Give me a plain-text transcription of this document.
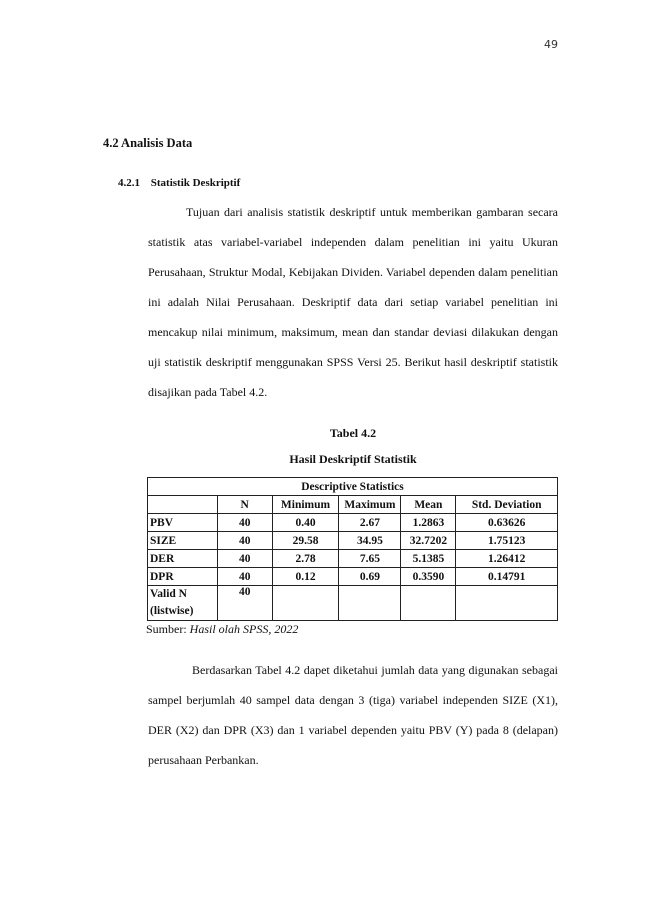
49
4.2 Analisis Data
4.2.1 Statistik Deskriptif

Tujuan dari analisis statistik deskriptif untuk memberikan gambaran secara statistik atas variabel-variabel independen dalam penelitian ini yaitu Ukuran Perusahaan, Struktur Modal, Kebijakan Dividen. Variabel dependen dalam penelitian ini adalah Nilai Perusahaan. Deskriptif data dari setiap variabel penelitian ini mencakup nilai minimum, maksimum, mean dan standar deviasi dilakukan dengan uji statistik deskriptif menggunakan SPSS Versi 25. Berikut hasil deskriptif statistik disajikan pada Tabel 4.2.

Tabel 4.2
Hasil Deskriptif Statistik
Descriptive Statistics					
	N	Minimum	Maximum	Mean	Std. Deviation
PBV	40	0.40	2.67	1.2863	0.63626
SIZE	40	29.58	34.95	32.7202	1.75123
DER	40	2.78	7.65	5.1385	1.26412
DPR	40	0.12	0.69	0.3590	0.14791
Valid N
(listwise)	40				
Sumber: Hasil olah SPSS, 2022

Berdasarkan Tabel 4.2 dapet diketahui jumlah data yang digunakan sebagai sampel berjumlah 40 sampel data dengan 3 (tiga) variabel independen SIZE (X1), DER (X2) dan DPR (X3) dan 1 variabel dependen yaitu PBV (Y) pada 8 (delapan) perusahaan Perbankan.
